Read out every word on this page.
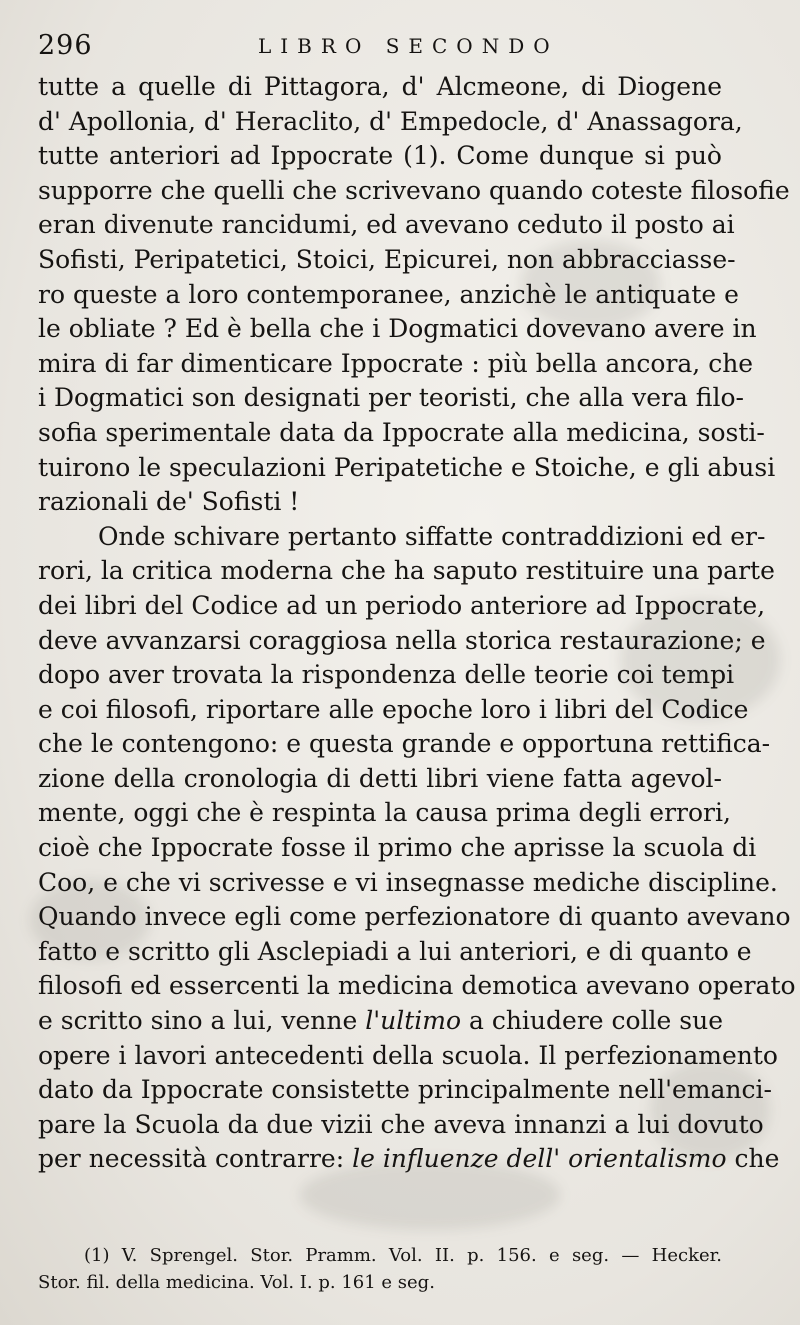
296	LIBRO SECONDO
tutte a quelle di Pittagora, d' Alcmeone, di Diogene
d' Apollonia, d' Heraclito, d' Empedocle, d' Anassagora,
tutte anteriori ad Ippocrate (1). Come dunque si può
supporre che quelli che scrivevano quando coteste filosofie
eran divenute rancidumi, ed avevano ceduto il posto ai
Sofisti, Peripatetici, Stoici, Epicurei, non abbracciasse-
ro queste a loro contemporanee, anzichè le antiquate e
le obliate ? Ed è bella che i Dogmatici dovevano avere in
mira di far dimenticare Ippocrate : più bella ancora, che
i Dogmatici son designati per teoristi, che alla vera filo-
sofia sperimentale data da Ippocrate alla medicina, sosti-
tuirono le speculazioni Peripatetiche e Stoiche, e gli abusi
razionali de' Sofisti !
Onde schivare pertanto siffatte contraddizioni ed er-
rori, la critica moderna che ha saputo restituire una parte
dei libri del Codice ad un periodo anteriore ad Ippocrate,
deve avvanzarsi coraggiosa nella storica restaurazione; e
dopo aver trovata la rispondenza delle teorie coi tempi
e coi filosofi, riportare alle epoche loro i libri del Codice
che le contengono: e questa grande e opportuna rettifica-
zione della cronologia di detti libri viene fatta agevol-
mente, oggi che è respinta la causa prima degli errori,
cioè che Ippocrate fosse il primo che aprisse la scuola di
Coo, e che vi scrivesse e vi insegnasse mediche discipline.
Quando invece egli come perfezionatore di quanto avevano
fatto e scritto gli Asclepiadi a lui anteriori, e di quanto e
filosofi ed essercenti la medicina demotica avevano operato
e scritto sino a lui, venne l'ultimo a chiudere colle sue
opere i lavori antecedenti della scuola. Il perfezionamento
dato da Ippocrate consistette principalmente nell'emanci-
pare la Scuola da due vizii che aveva innanzi a lui dovuto
per necessità contrarre: le influenze dell' orientalismo che
(1) V. Sprengel. Stor. Pramm. Vol. II. p. 156. e seg. — Hecker.
Stor. fil. della medicina. Vol. I. p. 161 e seg.
